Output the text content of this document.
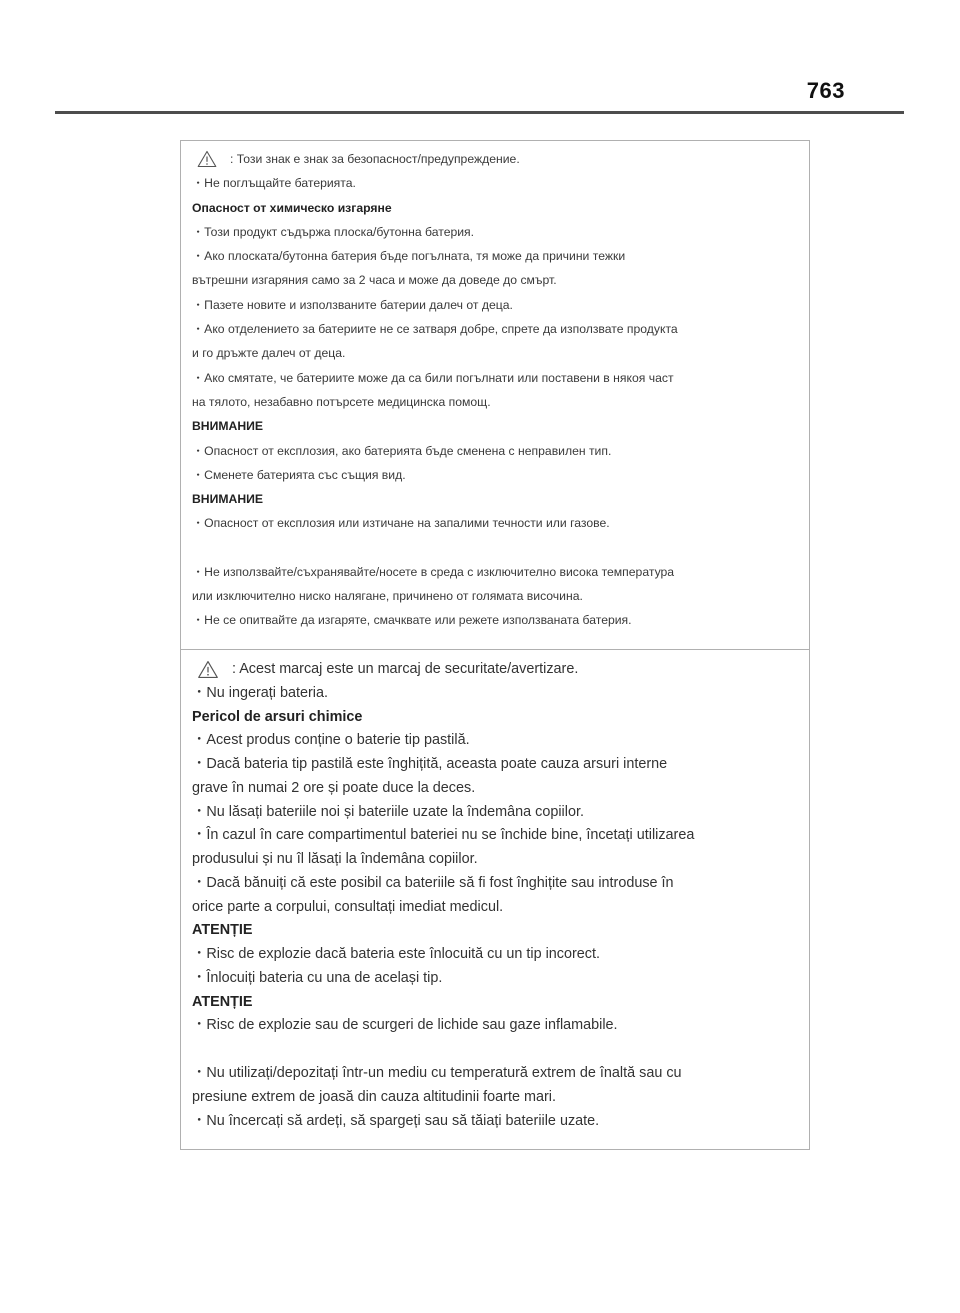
763
: Този знак е знак за безопасност/предупреждение.
・Не поглъщайте батерията.
Опасност от химическо изгаряне
・Този продукт съдържа плоска/бутонна батерия.
・Ако плоската/бутонна батерия бъде погълната, тя може да причини тежки
вътрешни изгаряния само за 2 часа и може да доведе до смърт.
・Пазете новите и използваните батерии далеч от деца.
・Ако отделението за батериите не се затваря добре, спрете да използвате продукта
и го дръжте далеч от деца.
・Ако смятате, че батериите може да са били погълнати или поставени в някоя част
на тялото, незабавно потърсете медицинска помощ.
ВНИМАНИЕ
・Опасност от експлозия, ако батерията бъде сменена с неправилен тип.
・Сменете батерията със същия вид.
ВНИМАНИЕ
・Опасност от експлозия или изтичане на запалими течности или газове.
・Не използвайте/съхранявайте/носете в среда с изключително висока температура
или изключително ниско налягане, причинено от голямата височина.
・Не се опитвайте да изгаряте, смачквате или режете използваната батерия.
: Acest marcaj este un marcaj de securitate/avertizare.
・Nu ingerați bateria.
Pericol de arsuri chimice
・Acest produs conține o baterie tip pastilă.
・Dacă bateria tip pastilă este înghițită, aceasta poate cauza arsuri interne
grave în numai 2 ore și poate duce la deces.
・Nu lăsați bateriile noi și bateriile uzate la îndemâna copiilor.
・În cazul în care compartimentul bateriei nu se închide bine, încetați utilizarea
produsului și nu îl lăsați la îndemâna copiilor.
・Dacă bănuiți că este posibil ca bateriile să fi fost înghițite sau introduse în
orice parte a corpului, consultați imediat medicul.
ATENȚIE
・Risc de explozie dacă bateria este înlocuită cu un tip incorect.
・Înlocuiți bateria cu una de același tip.
ATENȚIE
・Risc de explozie sau de scurgeri de lichide sau gaze inflamabile.
・Nu utilizați/depozitați într-un mediu cu temperatură extrem de înaltă sau cu
presiune extrem de joasă din cauza altitudinii foarte mari.
・Nu încercați să ardeți, să spargeți sau să tăiați bateriile uzate.
